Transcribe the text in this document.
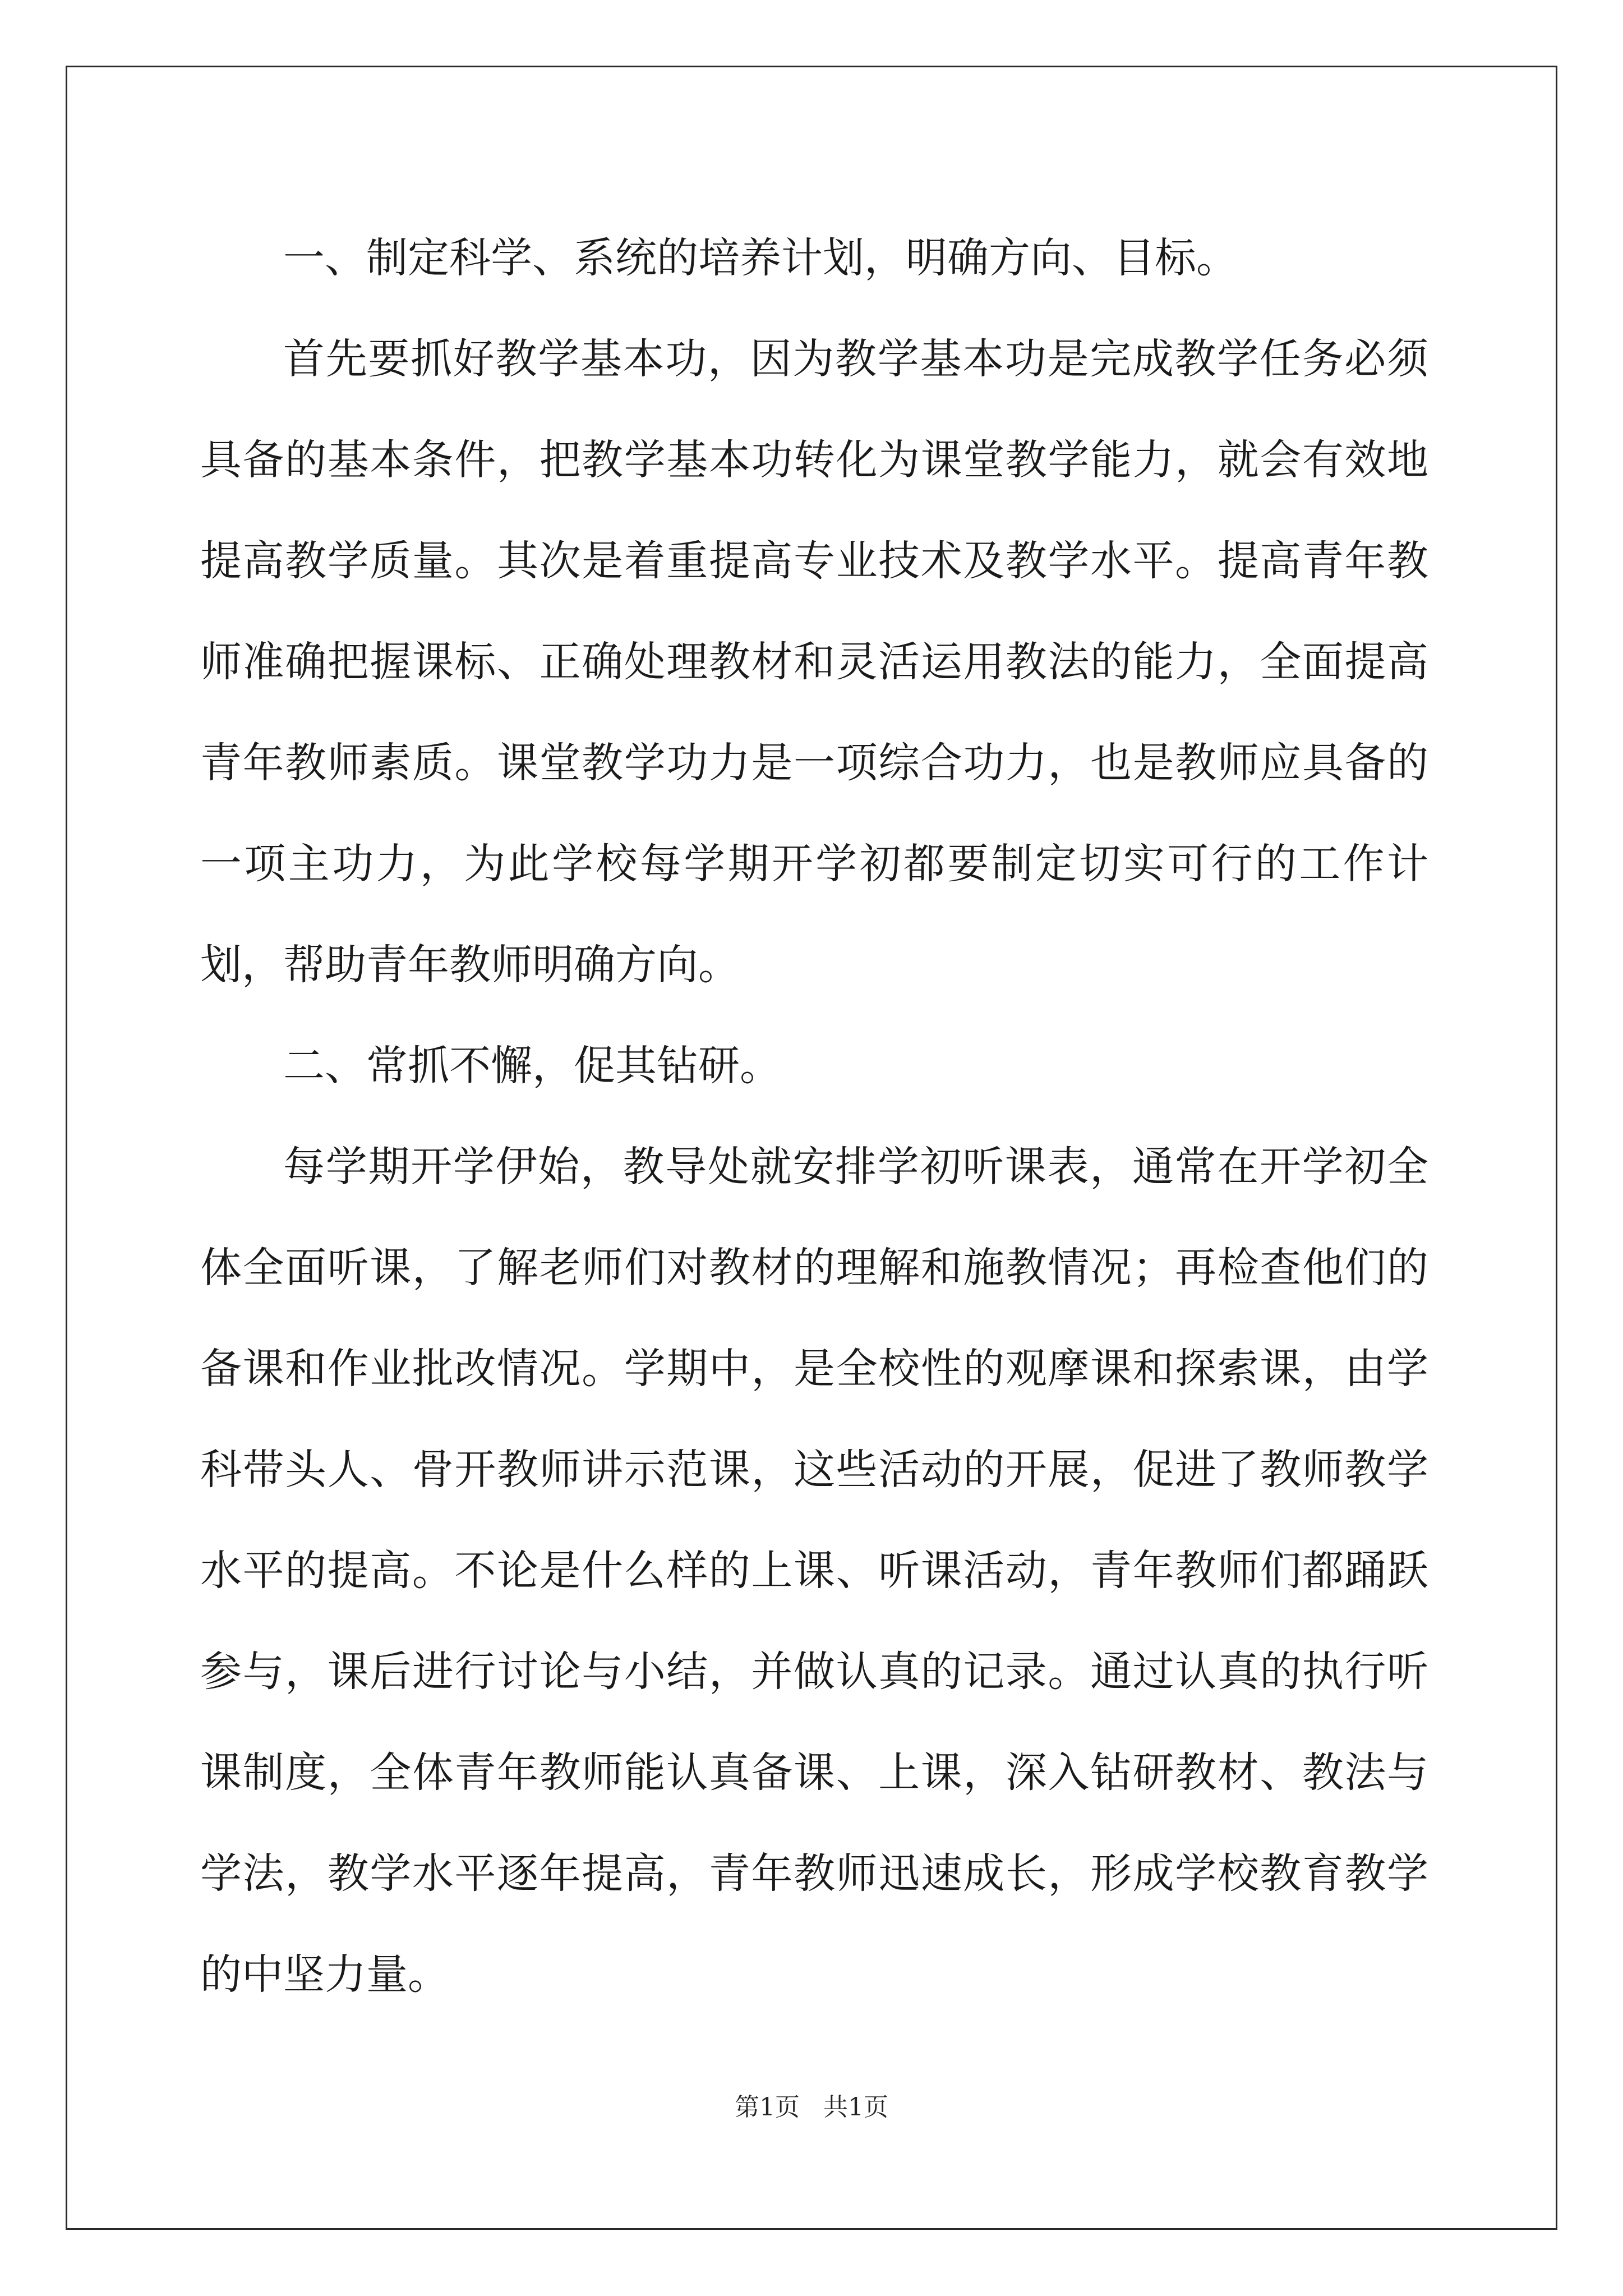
一、制定科学、系统的培养计划，明确方向、目标。

首先要抓好教学基本功，因为教学基本功是完成教学任务必须具备的基本条件，把教学基本功转化为课堂教学能力，就会有效地提高教学质量。其次是着重提高专业技术及教学水平。提高青年教师准确把握课标、正确处理教材和灵活运用教法的能力，全面提高青年教师素质。课堂教学功力是一项综合功力，也是教师应具备的一项主功力，为此学校每学期开学初都要制定切实可行的工作计划，帮助青年教师明确方向。

二、常抓不懈，促其钻研。

每学期开学伊始，教导处就安排学初听课表，通常在开学初全体全面听课，了解老师们对教材的理解和施教情况；再检查他们的备课和作业批改情况。学期中，是全校性的观摩课和探索课，由学科带头人、骨开教师讲示范课，这些活动的开展，促进了教师教学水平的提高。不论是什么样的上课、听课活动，青年教师们都踊跃参与，课后进行讨论与小结，并做认真的记录。通过认真的执行听课制度，全体青年教师能认真备课、上课，深入钻研教材、教法与学法，教学水平逐年提高，青年教师迅速成长，形成学校教育教学的中坚力量。

第1页 共1页
